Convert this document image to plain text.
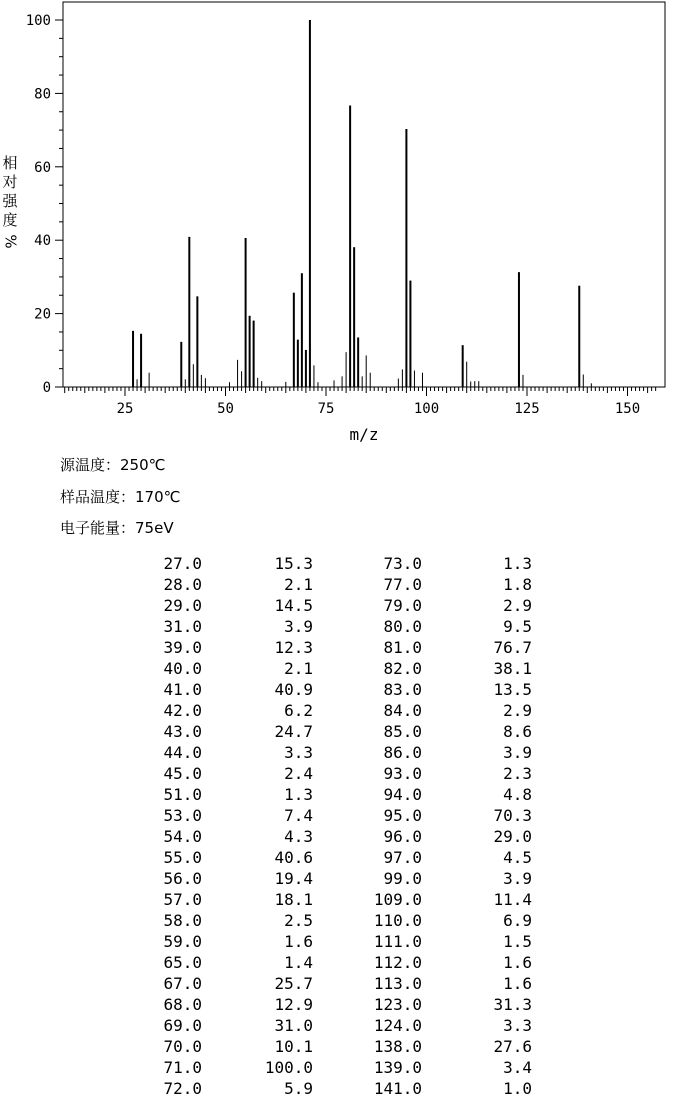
0
20
40
60
80
100
25	50	75	100	125	150
m/z
相对强度
%
源温度：250℃
样品温度：170℃
电子能量：75eV
27.0	15.3	73.0	1.3
28.0	2.1	77.0	1.8
29.0	14.5	79.0	2.9
31.0	3.9	80.0	9.5
39.0	12.3	81.0	76.7
40.0	2.1	82.0	38.1
41.0	40.9	83.0	13.5
42.0	6.2	84.0	2.9
43.0	24.7	85.0	8.6
44.0	3.3	86.0	3.9
45.0	2.4	93.0	2.3
51.0	1.3	94.0	4.8
53.0	7.4	95.0	70.3
54.0	4.3	96.0	29.0
55.0	40.6	97.0	4.5
56.0	19.4	99.0	3.9
57.0	18.1	109.0	11.4
58.0	2.5	110.0	6.9
59.0	1.6	111.0	1.5
65.0	1.4	112.0	1.6
67.0	25.7	113.0	1.6
68.0	12.9	123.0	31.3
69.0	31.0	124.0	3.3
70.0	10.1	138.0	27.6
71.0	100.0	139.0	3.4
72.0	5.9	141.0	1.0
